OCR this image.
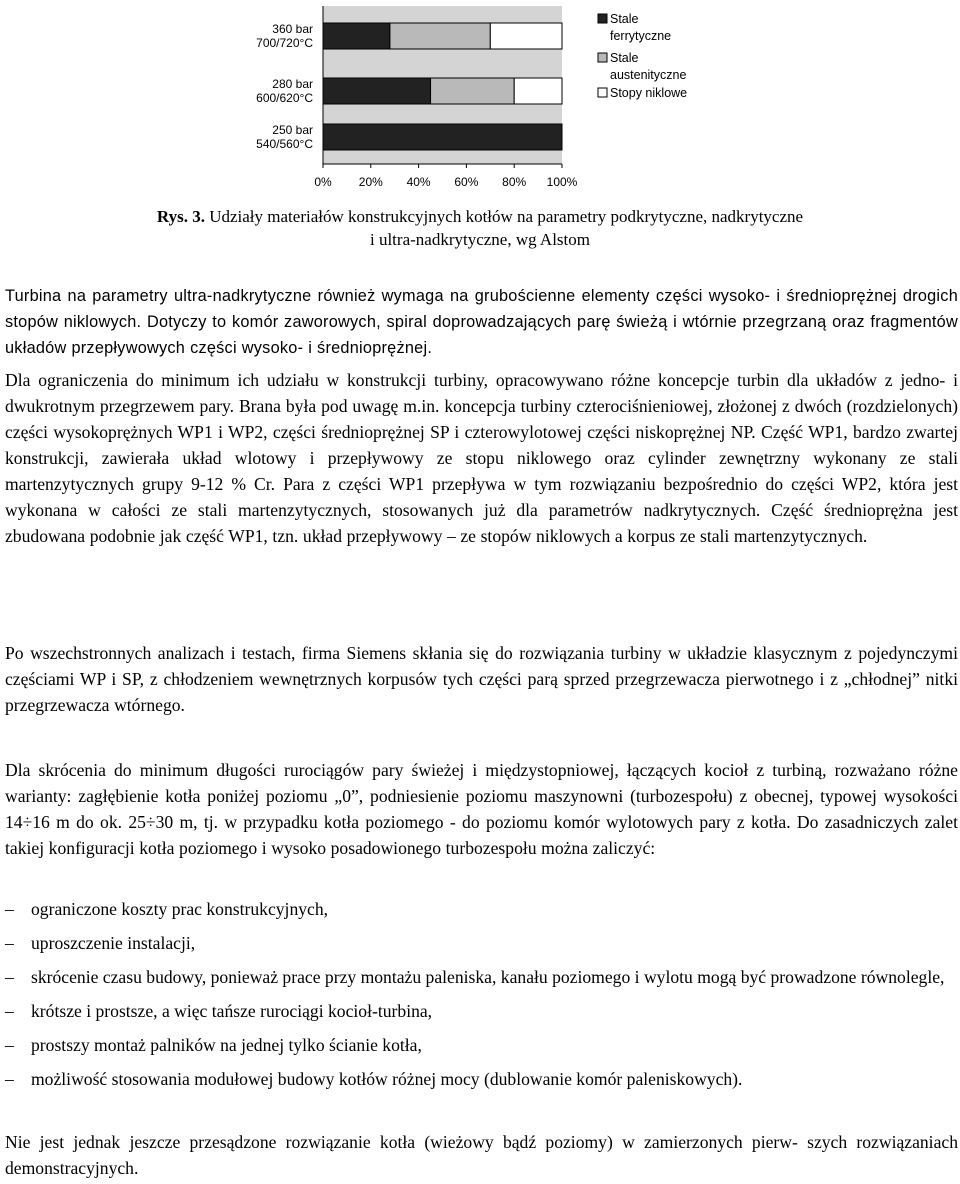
360 bar 700/720°C
280 bar 600/620°C
250 bar 540/560°C
0% 20% 40% 60% 80% 100%
Stale ferrytyczne
Stale austenityczne
Stopy niklowe
Rys. 3. Udziały materiałów konstrukcyjnych kotłów na parametry podkrytyczne, nadkrytyczne
i ultra-nadkrytyczne, wg Alstom

Turbina na parametry ultra-nadkrytyczne również wymaga na grubościenne elementy części wysoko- i średnioprężnej drogich stopów niklowych. Dotyczy to komór zaworowych, spiral doprowadzających parę świeżą i wtórnie przegrzaną oraz fragmentów układów przepływowych części wysoko- i średnioprężnej.

Dla ograniczenia do minimum ich udziału w konstrukcji turbiny, opracowywano różne koncepcje turbin dla układów z jedno- i dwukrotnym przegrzewem pary. Brana była pod uwagę m.in. koncepcja turbiny czterociśnieniowej, złożonej z dwóch (rozdzielonych) części wysokoprężnych WP1 i WP2, części średnioprężnej SP i czterowylotowej części niskoprężnej NP. Część WP1, bardzo zwartej konstrukcji, zawierała układ wlotowy i przepływowy ze stopu niklowego oraz cylinder zewnętrzny wykonany ze stali martenzytycznych grupy 9-12 % Cr. Para z części WP1 przepływa w tym rozwiązaniu bezpośrednio do części WP2, która jest wykonana w całości ze stali martenzytycznych, stosowanych już dla parametrów nadkrytycznych. Część średnioprężna jest zbudowana podobnie jak część WP1, tzn. układ przepływowy – ze stopów niklowych a korpus ze stali martenzytycznych.

Po wszechstronnych analizach i testach, firma Siemens skłania się do rozwiązania turbiny w układzie klasycznym z pojedynczymi częściami WP i SP, z chłodzeniem wewnętrznych korpusów tych części parą sprzed przegrzewacza pierwotnego i z „chłodnej” nitki przegrzewacza wtórnego.

Dla skrócenia do minimum długości rurociągów pary świeżej i międzystopniowej, łączących kocioł z turbiną, rozważano różne warianty: zagłębienie kotła poniżej poziomu „0”, podniesienie poziomu maszynowni (turbozespołu) z obecnej, typowej wysokości 14÷16 m do ok. 25÷30 m, tj. w przypadku kotła poziomego - do poziomu komór wylotowych pary z kotła. Do zasadniczych zalet takiej konfiguracji kotła poziomego i wysoko posadowionego turbozespołu można zaliczyć:

– ograniczone koszty prac konstrukcyjnych,
– uproszczenie instalacji,
– skrócenie czasu budowy, ponieważ prace przy montażu paleniska, kanału poziomego i wylotu mogą być prowadzone równolegle,
– krótsze i prostsze, a więc tańsze rurociągi kocioł-turbina,
– prostszy montaż palników na jednej tylko ścianie kotła,
– możliwość stosowania modułowej budowy kotłów różnej mocy (dublowanie komór paleniskowych).

Nie jest jednak jeszcze przesądzone rozwiązanie kotła (wieżowy bądź poziomy) w zamierzonych pierw- szych rozwiązaniach demonstracyjnych.
